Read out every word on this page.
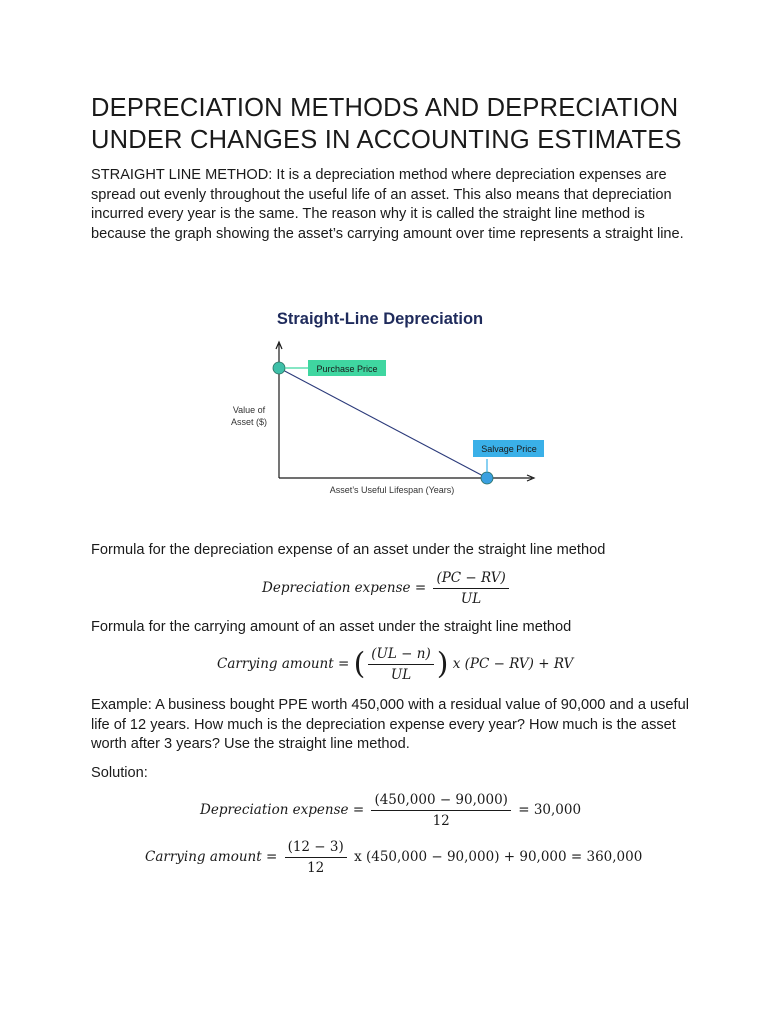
DEPRECIATION METHODS AND DEPRECIATION UNDER CHANGES IN ACCOUNTING ESTIMATES

STRAIGHT LINE METHOD: It is a depreciation method where depreciation expenses are spread out evenly throughout the useful life of an asset. This also means that depreciation incurred every year is the same. The reason why it is called the straight line method is because the graph showing the asset’s carrying amount over time represents a straight line.

Straight-Line Depreciation
Value of
Asset ($)
Asset’s Useful Lifespan (Years)
Purchase Price
Salvage Price

Formula for the depreciation expense of an asset under the straight line method

Depreciation expense = $\frac{(PC - RV)}{UL}$

Formula for the carrying amount of an asset under the straight line method

Carrying amount = ( $\frac{(UL - n)}{UL}$ ) x (PC − RV) + RV

Example: A business bought PPE worth 450,000 with a residual value of 90,000 and a useful life of 12 years. How much is the depreciation expense every year? How much is the asset worth after 3 years? Use the straight line method.

Solution:

Depreciation expense = $\frac{(450,000 - 90,000)}{12} = 30,000$
Carrying amount = $\frac{(12 - 3)}{12}$ x (450,000 − 90,000) + 90,000 = 360,000
